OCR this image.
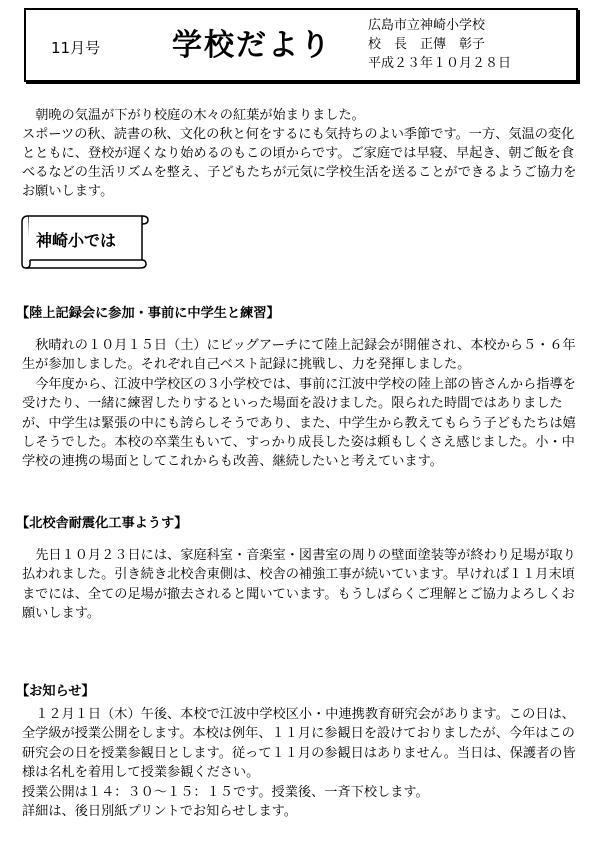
11月号 学校だより
広島市立神崎小学校
校　長　正傳　彰子
平成２３年１０月２８日

朝晩の気温が下がり校庭の木々の紅葉が始まりました。

スポーツの秋、読書の秋、文化の秋と何をするにも気持ちのよい季節です。一方、気温の変化とともに、登校が遅くなり始めるのもこの頃からです。ご家庭では早寝、早起き、朝ご飯を食べるなどの生活リズムを整え、子どもたちが元気に学校生活を送ることができるようご協力をお願いします。

神崎小では
【陸上記録会に参加・事前に中学生と練習】

秋晴れの１０月１５日（土）にビッグアーチにて陸上記録会が開催され、本校から５・６年生が参加しました。それぞれ自己ベスト記録に挑戦し、力を発揮しました。

今年度から、江波中学校区の３小学校では、事前に江波中学校の陸上部の皆さんから指導を受けたり、一緒に練習したりするといった場面を設けました。限られた時間ではありましたが、中学生は緊張の中にも誇らしそうであり、また、中学生から教えてもらう子どもたちは嬉しそうでした。本校の卒業生もいて、すっかり成長した姿は頼もしくさえ感じました。小・中学校の連携の場面としてこれからも改善、継続したいと考えています。

【北校舎耐震化工事ようす】

先日１０月２３日には、家庭科室・音楽室・図書室の周りの壁面塗装等が終わり足場が取り払われました。引き続き北校舎東側は、校舎の補強工事が続いています。早ければ１１月末頃までには、全ての足場が撤去されると聞いています。もうしばらくご理解とご協力よろしくお願いします。

【お知らせ】

１２月１日（木）午後、本校で江波中学校区小・中連携教育研究会があります。この日は、全学級が授業公開をします。本校は例年、１１月に参観日を設けておりましたが、今年はこの研究会の日を授業参観日とします。従って１１月の参観日はありません。当日は、保護者の皆様は名札を着用して授業参観ください。

授業公開は１４：３０～１５：１５です。授業後、一斉下校します。

詳細は、後日別紙プリントでお知らせします。
